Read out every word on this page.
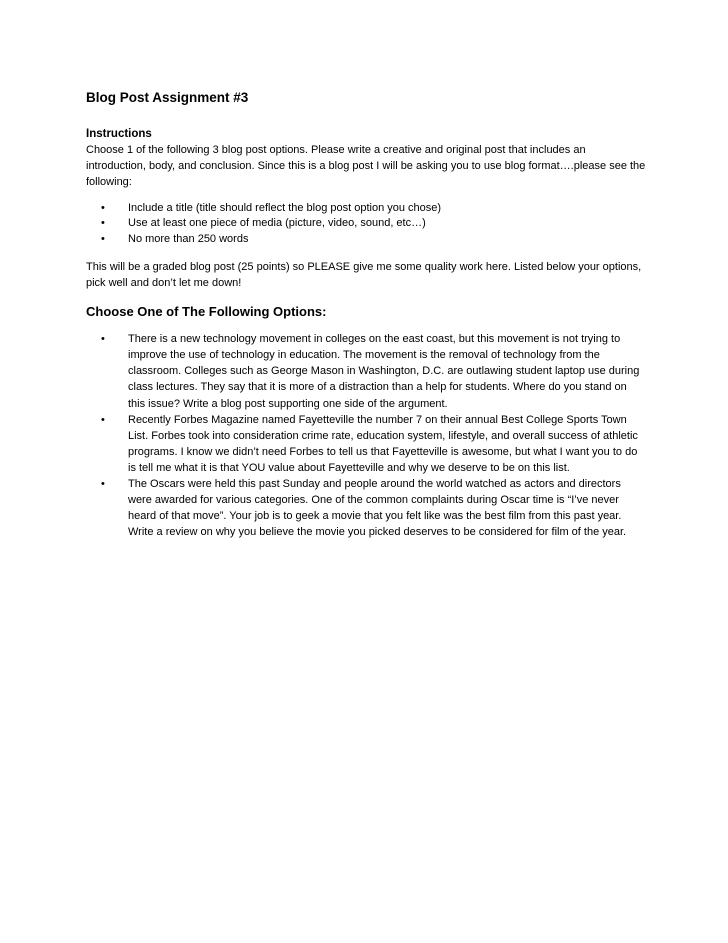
Blog Post Assignment #3
Instructions

Choose 1 of the following 3 blog post options. Please write a creative and original post that includes an introduction, body, and conclusion. Since this is a blog post I will be asking you to use blog format….please see the following:

• Include a title (title should reflect the blog post option you chose)
• Use at least one piece of media (picture, video, sound, etc…)
• No more than 250 words

This will be a graded blog post (25 points) so PLEASE give me some quality work here. Listed below your options, pick well and don’t let me down!

Choose One of The Following Options:
• There is a new technology movement in colleges on the east coast, but this movement is not trying to improve the use of technology in education. The movement is the removal of technology from the classroom. Colleges such as George Mason in Washington, D.C. are outlawing student laptop use during class lectures. They say that it is more of a distraction than a help for students. Where do you stand on this issue? Write a blog post supporting one side of the argument.
• Recently Forbes Magazine named Fayetteville the number 7 on their annual Best College Sports Town List. Forbes took into consideration crime rate, education system, lifestyle, and overall success of athletic programs. I know we didn’t need Forbes to tell us that Fayetteville is awesome, but what I want you to do is tell me what it is that YOU value about Fayetteville and why we deserve to be on this list.
• The Oscars were held this past Sunday and people around the world watched as actors and directors were awarded for various categories. One of the common complaints during Oscar time is “I’ve never heard of that move”. Your job is to geek a movie that you felt like was the best film from this past year. Write a review on why you believe the movie you picked deserves to be considered for film of the year.
